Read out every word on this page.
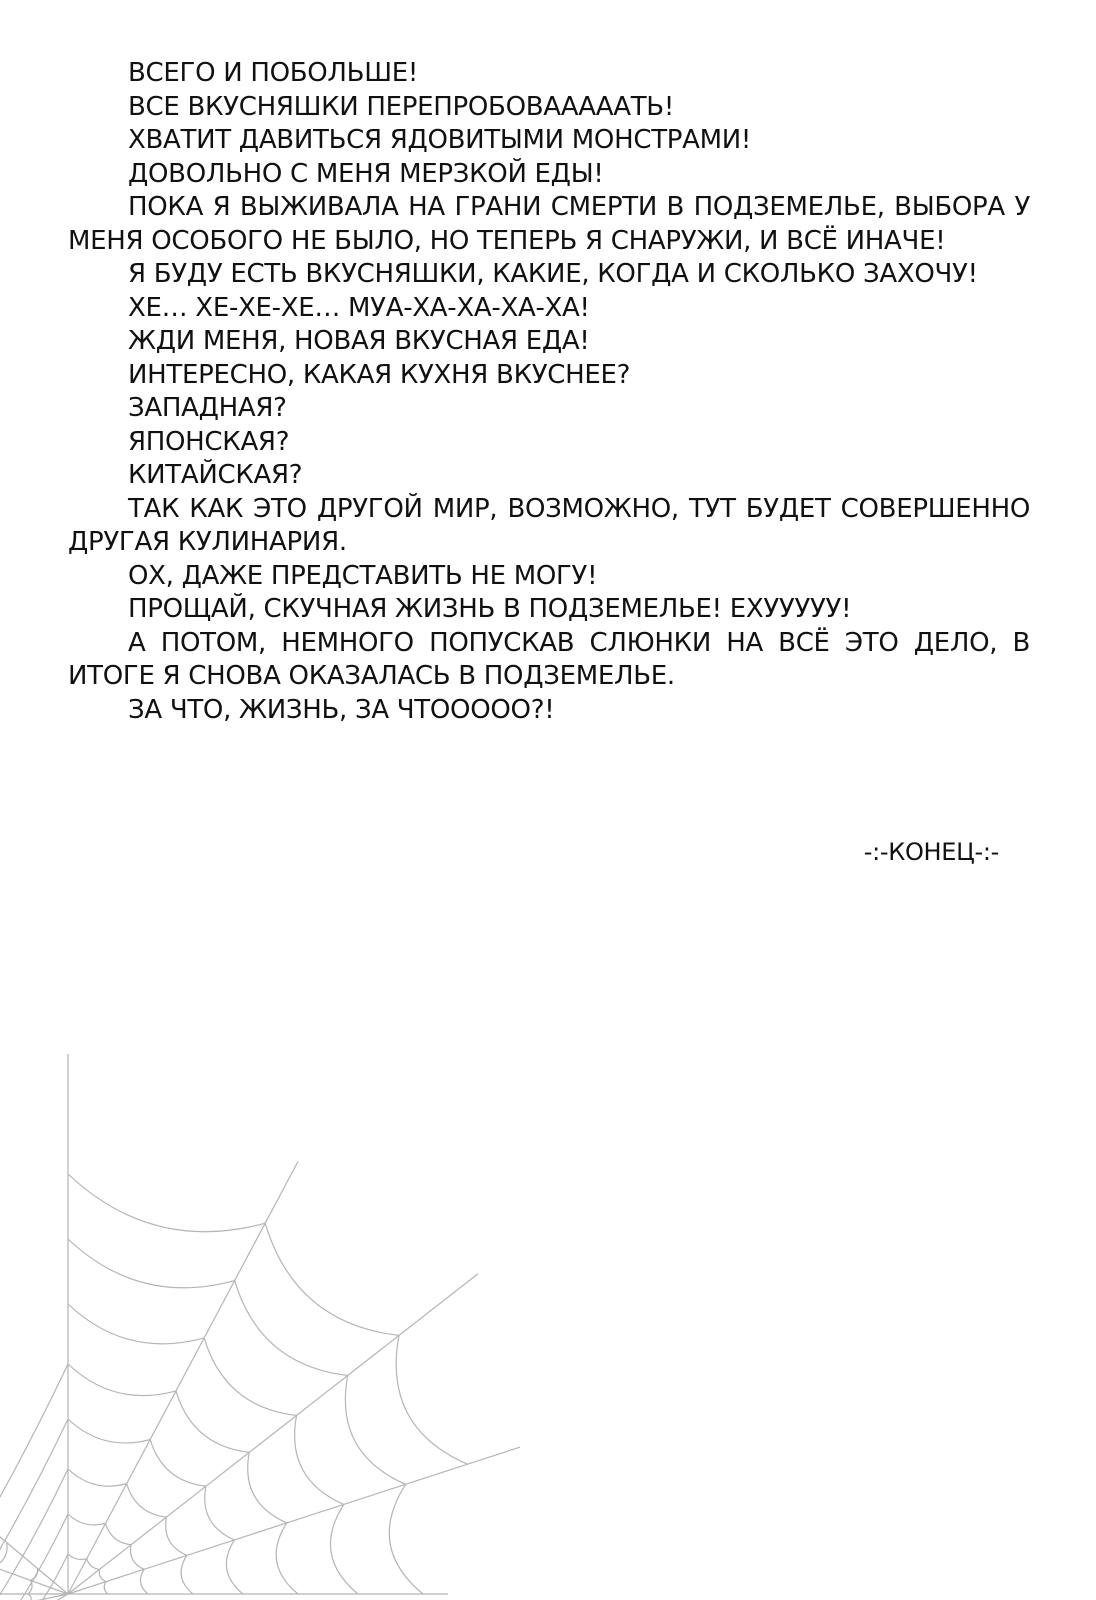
ВСЕГО И ПОБОЛЬШЕ!

ВСЕ ВКУСНЯШКИ ПЕРЕПРОБОВАААААТЬ!

ХВАТИТ ДАВИТЬСЯ ЯДОВИТЫМИ МОНСТРАМИ!

ДОВОЛЬНО С МЕНЯ МЕРЗКОЙ ЕДЫ!

ПОКА Я ВЫЖИВАЛА НА ГРАНИ СМЕРТИ В ПОДЗЕМЕЛЬЕ, ВЫБОРА У МЕНЯ ОСОБОГО НЕ БЫЛО, НО ТЕПЕРЬ Я СНАРУЖИ, И ВСЁ ИНАЧЕ!

Я БУДУ ЕСТЬ ВКУСНЯШКИ, КАКИЕ, КОГДА И СКОЛЬКО ЗАХОЧУ!

ХЕ… ХЕ-ХЕ-ХЕ… МУА-ХА-ХА-ХА-ХА!

ЖДИ МЕНЯ, НОВАЯ ВКУСНАЯ ЕДА!

ИНТЕРЕСНО, КАКАЯ КУХНЯ ВКУСНЕЕ?

ЗАПАДНАЯ?

ЯПОНСКАЯ?

КИТАЙСКАЯ?

ТАК КАК ЭТО ДРУГОЙ МИР, ВОЗМОЖНО, ТУТ БУДЕТ СОВЕРШЕННО ДРУГАЯ КУЛИНАРИЯ.

ОХ, ДАЖЕ ПРЕДСТАВИТЬ НЕ МОГУ!

ПРОЩАЙ, СКУЧНАЯ ЖИЗНЬ В ПОДЗЕМЕЛЬЕ! ЕХУУУУУ!

А ПОТОМ, НЕМНОГО ПОПУСКАВ СЛЮНКИ НА ВСЁ ЭТО ДЕЛО, В ИТОГЕ Я СНОВА ОКАЗАЛАСЬ В ПОДЗЕМЕЛЬЕ.

ЗА ЧТО, ЖИЗНЬ, ЗА ЧТООООО?!

-:-КОНЕЦ-:-
